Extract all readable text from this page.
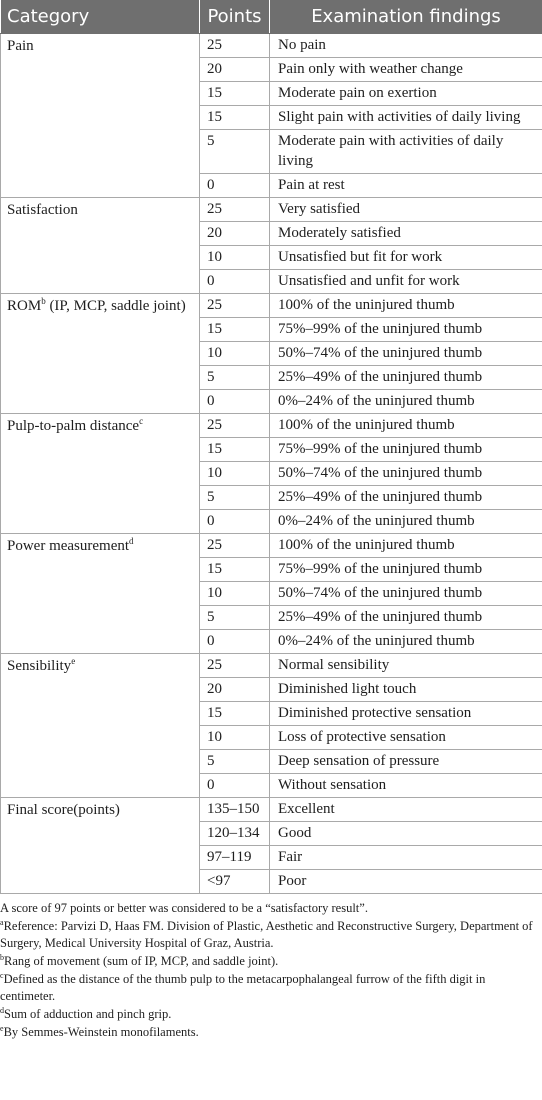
Category	Points	Examination findings
Pain	25	No pain
	20	Pain only with weather change
	15	Moderate pain on exertion
	15	Slight pain with activities of daily living
	5	Moderate pain with activities of daily living
	0	Pain at rest
Satisfaction	25	Very satisfied
	20	Moderately satisfied
	10	Unsatisfied but fit for work
	0	Unsatisfied and unfit for work
ROM$^b$ (IP, MCP, saddle joint)	25	100% of the uninjured thumb
	15	75%–99% of the uninjured thumb
	10	50%–74% of the uninjured thumb
	5	25%–49% of the uninjured thumb
	0	0%–24% of the uninjured thumb
Pulp-to-palm distance$^c$	25	100% of the uninjured thumb
	15	75%–99% of the uninjured thumb
	10	50%–74% of the uninjured thumb
	5	25%–49% of the uninjured thumb
	0	0%–24% of the uninjured thumb
Power measurement$^d$	25	100% of the uninjured thumb
	15	75%–99% of the uninjured thumb
	10	50%–74% of the uninjured thumb
	5	25%–49% of the uninjured thumb
	0	0%–24% of the uninjured thumb
Sensibility$^e$	25	Normal sensibility
	20	Diminished light touch
	15	Diminished protective sensation
	10	Loss of protective sensation
	5	Deep sensation of pressure
	0	Without sensation
Final score(points)	135–150	Excellent
	120–134	Good
	97–119	Fair
	<97	Poor

A score of 97 points or better was considered to be a “satisfactory result”.

$^a$Reference: Parvizi D, Haas FM. Division of Plastic, Aesthetic and Reconstructive Surgery, Department of Surgery, Medical University Hospital of Graz, Austria.

$^b$Rang of movement (sum of IP, MCP, and saddle joint).

$^c$Defined as the distance of the thumb pulp to the metacarpophalangeal furrow of the fifth digit in centimeter.

$^d$Sum of adduction and pinch grip.

$^e$By Semmes-Weinstein monofilaments.
